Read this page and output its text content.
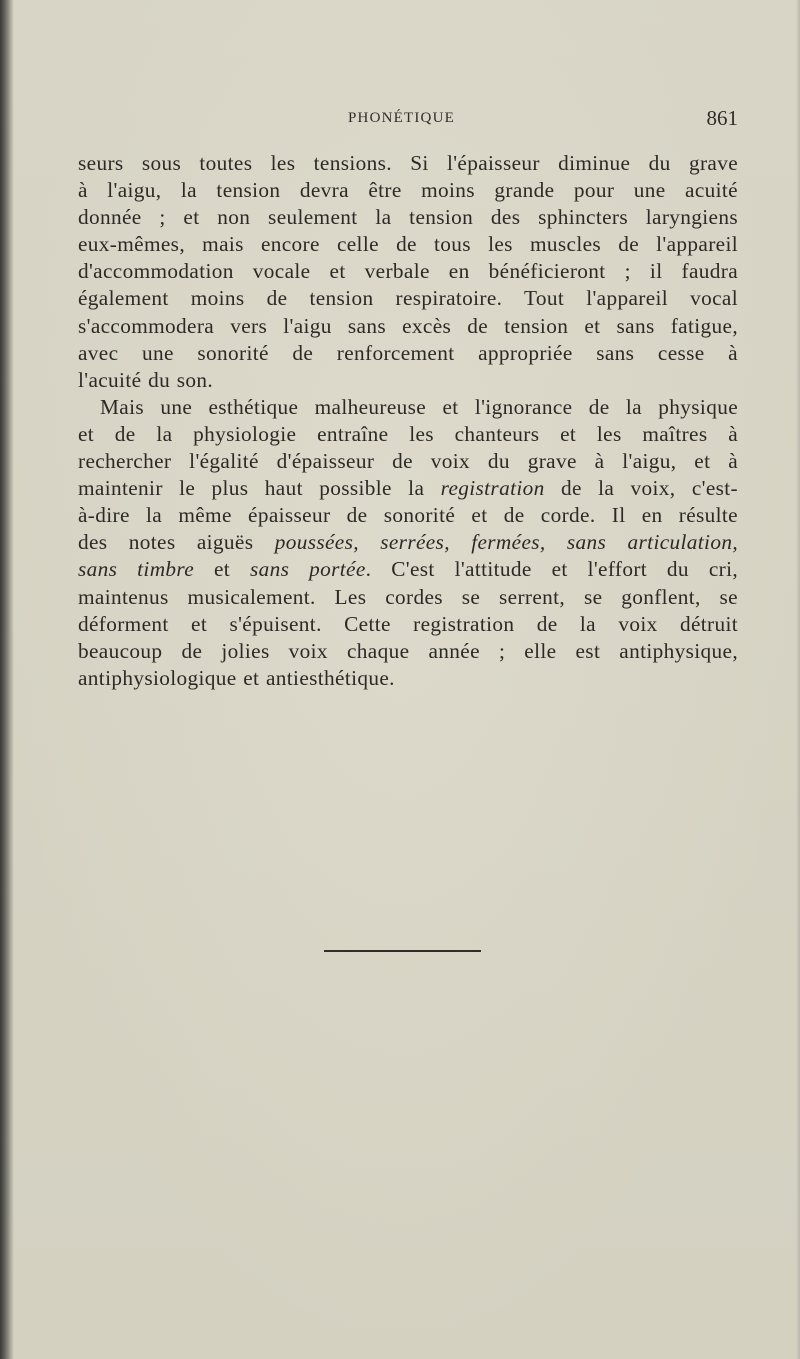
PHONÉTIQUE	861
seurs sous toutes les tensions. Si l'épaisseur diminue du grave
à l'aigu, la tension devra être moins grande pour une acuité
donnée ; et non seulement la tension des sphincters laryngiens
eux-mêmes, mais encore celle de tous les muscles de l'appareil
d'accommodation vocale et verbale en bénéficieront ; il faudra
également moins de tension respiratoire. Tout l'appareil vocal
s'accommodera vers l'aigu sans excès de tension et sans fatigue,
avec une sonorité de renforcement appropriée sans cesse à
l'acuité du son.
Mais une esthétique malheureuse et l'ignorance de la physique
et de la physiologie entraîne les chanteurs et les maîtres à
rechercher l'égalité d'épaisseur de voix du grave à l'aigu, et à
maintenir le plus haut possible la registration de la voix, c'est-
à-dire la même épaisseur de sonorité et de corde. Il en résulte
des notes aiguës poussées, serrées, fermées, sans articulation,
sans timbre et sans portée. C'est l'attitude et l'effort du cri,
maintenus musicalement. Les cordes se serrent, se gonflent, se
déforment et s'épuisent. Cette registration de la voix détruit
beaucoup de jolies voix chaque année ; elle est antiphysique,
antiphysiologique et antiesthétique.
